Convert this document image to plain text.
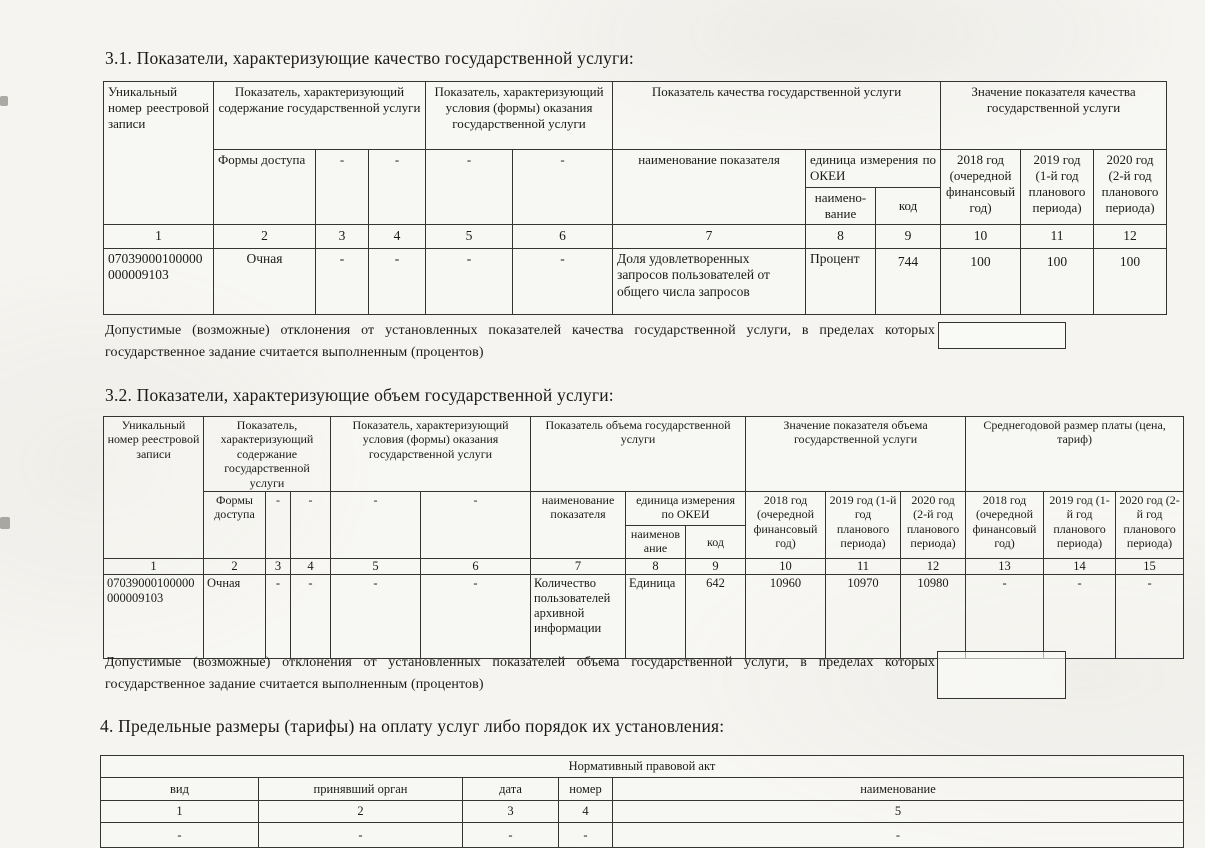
3.1. Показатели, характеризующие качество государственной услуги:
Уникальный номер реестровой записи	Показатель, характеризующий содержание государственной услуги			Показатель, характеризующий условия (формы) оказания государственной услуги		Показатель качества государственной услуги			Значение показателя качества государственной услуги		
	Формы доступа	-	-	-	-	наименование показателя	единица измерения по ОКЕИ		2018 год (очередной финансовый год)	2019 год (1-й год планового периода)	2020 год (2-й год планового периода)
							наимено- вание	код			
1	2	3	4	5	6	7	8	9	10	11	12
07039000100000 000009103	Очная	-	-	-	-	Доля удовлетворенных запросов пользователей от общего числа запросов	Процент	744	100	100	100
Допустимые (возможные) отклонения от установленных показателей качества государственной услуги, в пределах которых государственное задание считается выполненным (процентов)
3.2. Показатели, характеризующие объем государственной услуги:
Уникальный номер реестровой записи	Показатель, характеризующий содержание государственной услуги			Показатель, характеризующий условия (формы) оказания государственной услуги		Показатель объема государственной услуги			Значение показателя объема государственной услуги			Среднегодовой размер платы (цена, тариф)		
	Формы доступа	-	-	-	-	наименование показателя	единица измерения по ОКЕИ		2018 год (очередной финансовый год)	2019 год (1-й год планового периода)	2020 год (2-й год планового периода)	2018 год (очередной финансовый год)	2019 год (1-й год планового периода)	2020 год (2-й год планового периода)
							наименование	код						
1	2	3	4	5	6	7	8	9	10	11	12	13	14	15
07039000100000 000009103	Очная	-	-	-	-	Количество пользователей архивной информации	Единица	642	10960	10970	10980	-	-	-
Допустимые (возможные) отклонения от установленных показателей объема государственной услуги, в пределах которых государственное задание считается выполненным (процентов)
4. Предельные размеры (тарифы) на оплату услуг либо порядок их установления:
Нормативный правовой акт				
вид	принявший орган	дата	номер	наименование
1	2	3	4	5
-	-	-	-	-
